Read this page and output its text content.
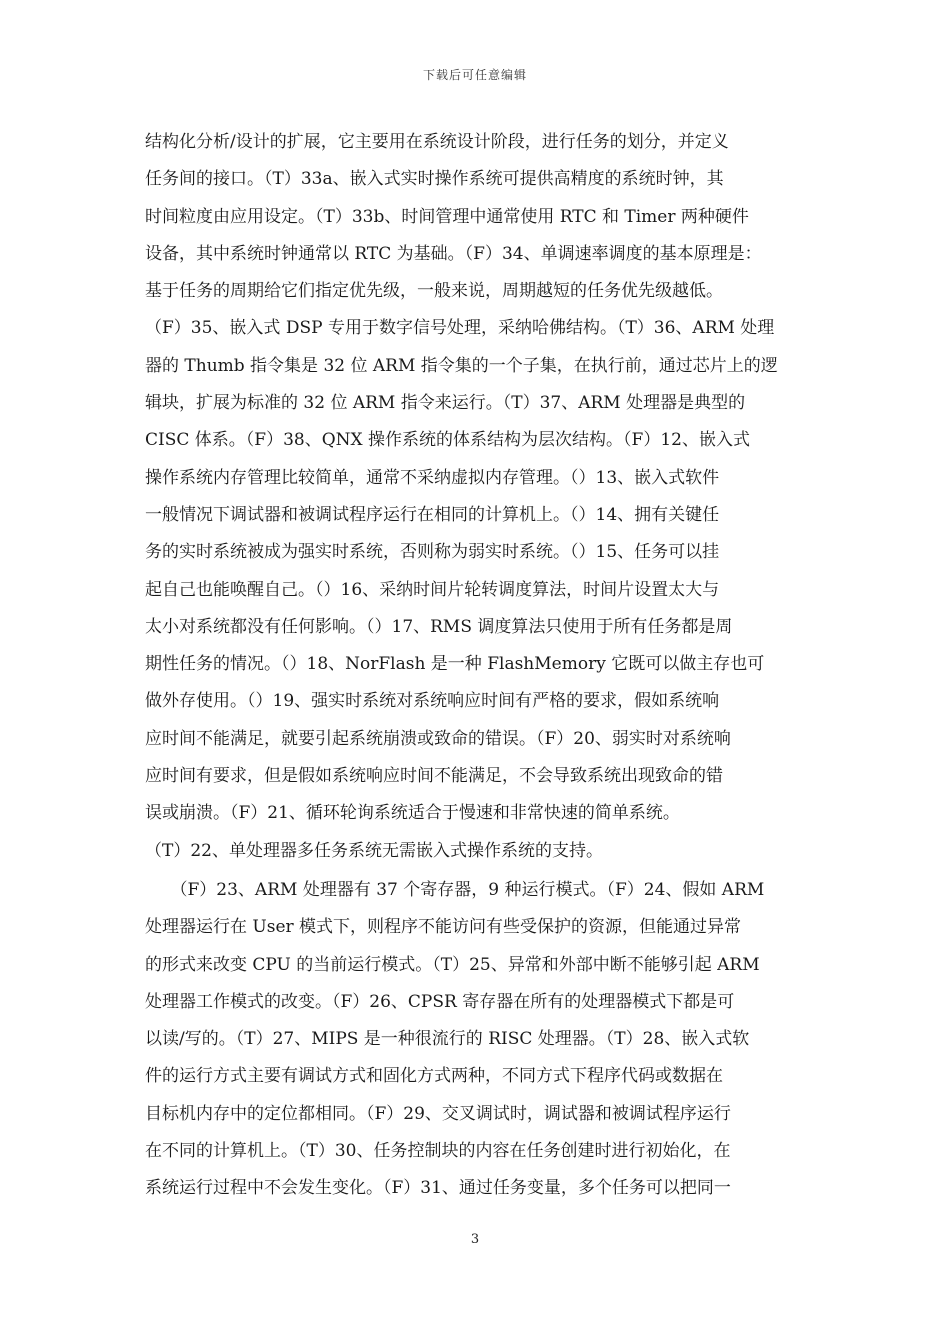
下载后可任意编辑
结构化分析/设计的扩展，它主要用在系统设计阶段，进行任务的划分，并定义
任务间的接口。（T）33a、嵌入式实时操作系统可提供高精度的系统时钟，其
时间粒度由应用设定。（T）33b、时间管理中通常使用 RTC 和 Timer 两种硬件
设备，其中系统时钟通常以 RTC 为基础。（F）34、单调速率调度的基本原理是：
基于任务的周期给它们指定优先级，一般来说，周期越短的任务优先级越低。
（F）35、嵌入式 DSP 专用于数字信号处理，采纳哈佛结构。（T）36、ARM 处理
器的 Thumb 指令集是 32 位 ARM 指令集的一个子集，在执行前，通过芯片上的逻
辑块，扩展为标准的 32 位 ARM 指令来运行。（T）37、ARM 处理器是典型的
CISC 体系。（F）38、QNX 操作系统的体系结构为层次结构。（F）12、嵌入式
操作系统内存管理比较简单，通常不采纳虚拟内存管理。（）13、嵌入式软件
一般情况下调试器和被调试程序运行在相同的计算机上。（）14、拥有关键任
务的实时系统被成为强实时系统，否则称为弱实时系统。（）15、任务可以挂
起自己也能唤醒自己。（）16、采纳时间片轮转调度算法，时间片设置太大与
太小对系统都没有任何影响。（）17、RMS 调度算法只使用于所有任务都是周
期性任务的情况。（）18、NorFlash 是一种 FlashMemory 它既可以做主存也可
做外存使用。（）19、强实时系统对系统响应时间有严格的要求，假如系统响
应时间不能满足，就要引起系统崩溃或致命的错误。（F）20、弱实时对系统响
应时间有要求，但是假如系统响应时间不能满足，不会导致系统出现致命的错
误或崩溃。（F）21、循环轮询系统适合于慢速和非常快速的简单系统。
（T）22、单处理器多任务系统无需嵌入式操作系统的支持。
　　（F）23、ARM 处理器有 37 个寄存器，9 种运行模式。（F）24、假如 ARM
处理器运行在 User 模式下，则程序不能访问有些受保护的资源，但能通过异常
的形式来改变 CPU 的当前运行模式。（T）25、异常和外部中断不能够引起 ARM
处理器工作模式的改变。（F）26、CPSR 寄存器在所有的处理器模式下都是可
以读/写的。（T）27、MIPS 是一种很流行的 RISC 处理器。（T）28、嵌入式软
件的运行方式主要有调试方式和固化方式两种，不同方式下程序代码或数据在
目标机内存中的定位都相同。（F）29、交叉调试时，调试器和被调试程序运行
在不同的计算机上。（T）30、任务控制块的内容在任务创建时进行初始化，在
系统运行过程中不会发生变化。（F）31、通过任务变量，多个任务可以把同一
3
